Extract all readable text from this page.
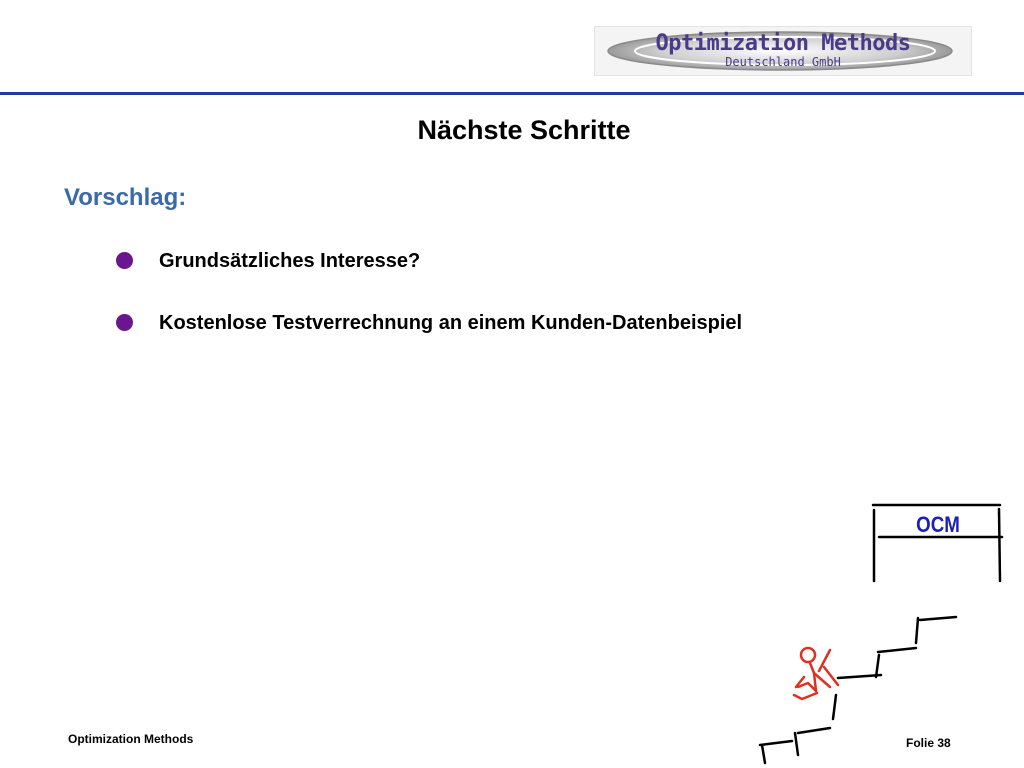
Optimization Methods
Deutschland GmbH
Nächste Schritte
Vorschlag:
Grundsätzliches Interesse?
Kostenlose Testverrechnung an einem Kunden-Datenbeispiel
OCM
Optimization Methods	Folie 38
